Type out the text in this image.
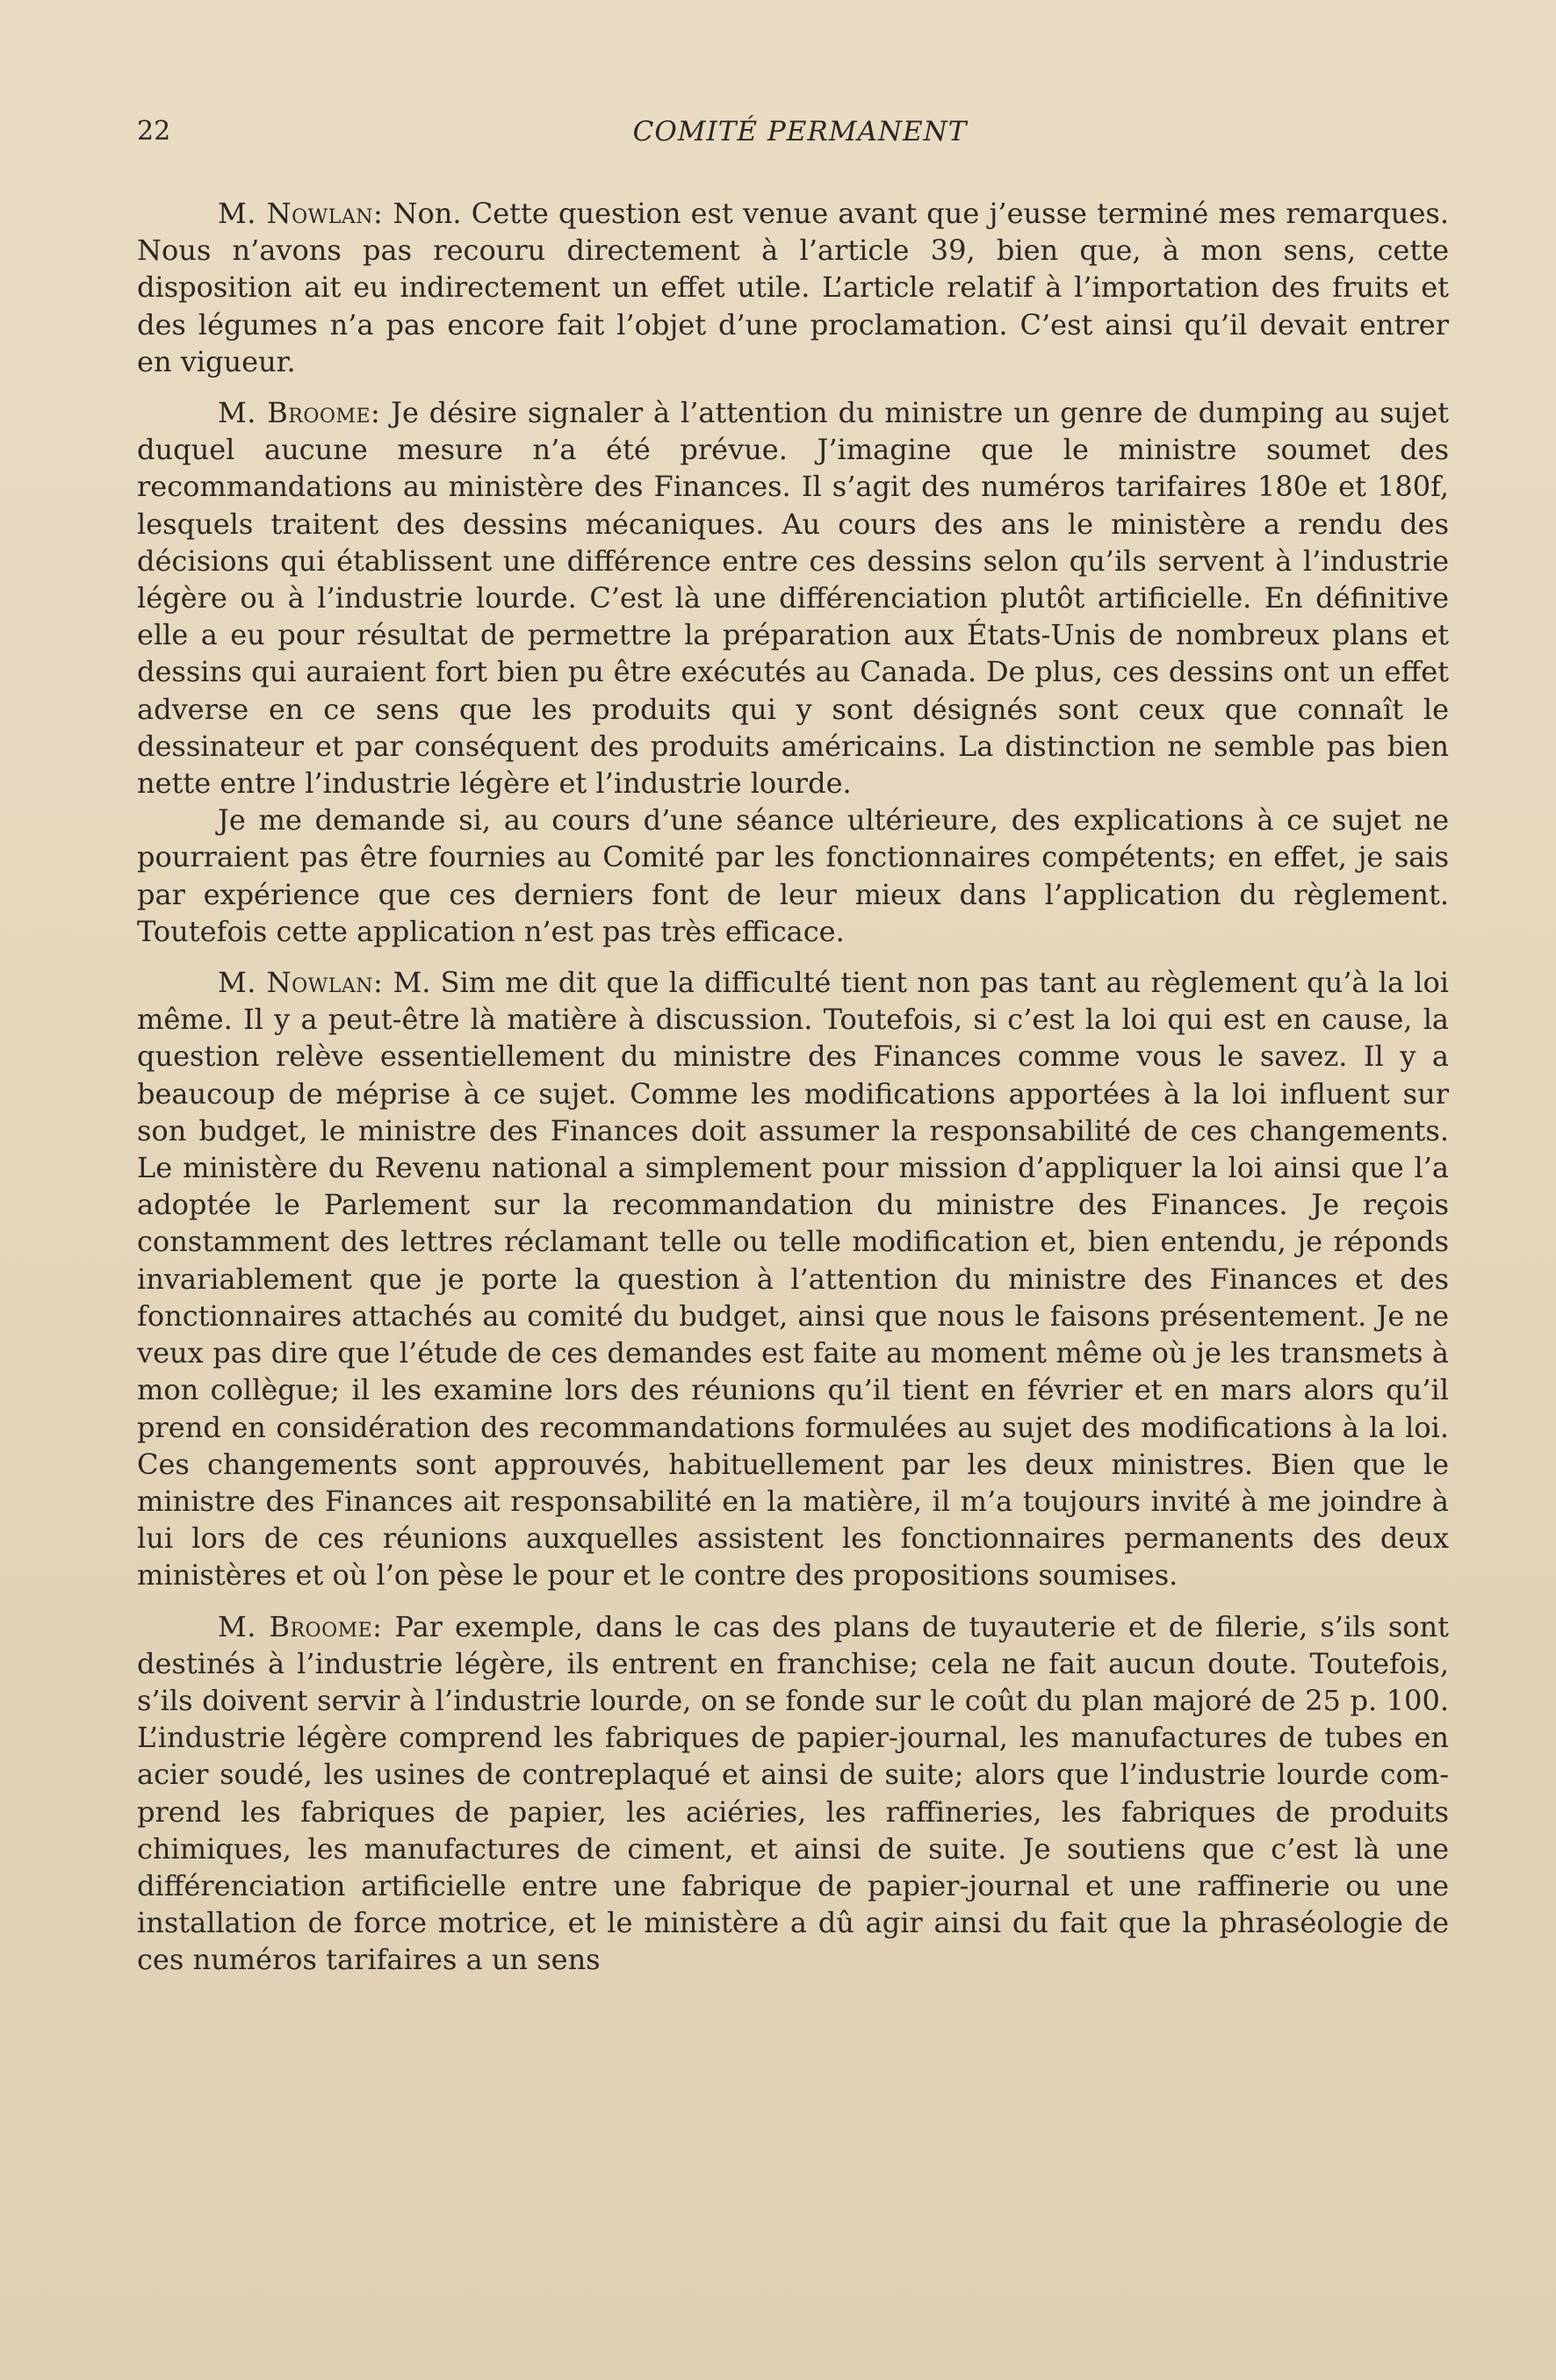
22	COMITÉ PERMANENT

M. Nowlan: Non. Cette question est venue avant que j’eusse terminé mes remarques. Nous n’avons pas recouru directement à l’article 39, bien que, à mon sens, cette disposition ait eu indirectement un effet utile. L’article relatif à l’importation des fruits et des légumes n’a pas encore fait l’objet d’une proclamation. C’est ainsi qu’il devait entrer en vigueur.

M. Broome: Je désire signaler à l’attention du ministre un genre de dumping au sujet duquel aucune mesure n’a été prévue. J’imagine que le ministre soumet des recommandations au ministère des Finances. Il s’agit des numéros tarifaires 180e et 180f, lesquels traitent des dessins mécaniques. Au cours des ans le ministère a rendu des décisions qui établissent une différence entre ces dessins selon qu’ils servent à l’industrie légère ou à l’industrie lourde. C’est là une différenciation plutôt artificielle. En définitive elle a eu pour résultat de permettre la préparation aux États-Unis de nombreux plans et dessins qui auraient fort bien pu être exécutés au Canada. De plus, ces dessins ont un effet adverse en ce sens que les produits qui y sont désignés sont ceux que connaît le dessinateur et par conséquent des produits américains. La distinction ne semble pas bien nette entre l’industrie légère et l’industrie lourde.

Je me demande si, au cours d’une séance ultérieure, des explications à ce sujet ne pourraient pas être fournies au Comité par les fonctionnaires compétents; en effet, je sais par expérience que ces derniers font de leur mieux dans l’application du règlement. Toutefois cette application n’est pas très efficace.

M. Nowlan: M. Sim me dit que la difficulté tient non pas tant au règlement qu’à la loi même. Il y a peut-être là matière à discussion. Toutefois, si c’est la loi qui est en cause, la question relève essentiellement du ministre des Finances comme vous le savez. Il y a beaucoup de méprise à ce sujet. Comme les modifications apportées à la loi influent sur son budget, le ministre des Finances doit assumer la responsabilité de ces changements. Le ministère du Revenu national a simplement pour mission d’appliquer la loi ainsi que l’a adoptée le Parlement sur la recommandation du ministre des Finances. Je reçois constamment des lettres réclamant telle ou telle modification et, bien entendu, je réponds invariablement que je porte la question à l’attention du ministre des Finances et des fonctionnaires attachés au comité du budget, ainsi que nous le faisons présentement. Je ne veux pas dire que l’étude de ces demandes est faite au moment même où je les transmets à mon collègue; il les examine lors des réunions qu’il tient en février et en mars alors qu’il prend en considération des recommandations formulées au sujet des modifications à la loi. Ces changements sont approuvés, habituellement par les deux ministres. Bien que le ministre des Finances ait responsabilité en la matière, il m’a toujours invité à me joindre à lui lors de ces réunions auxquelles assistent les fonctionnaires permanents des deux ministères et où l’on pèse le pour et le contre des propositions soumises.

M. Broome: Par exemple, dans le cas des plans de tuyauterie et de filerie, s’ils sont destinés à l’industrie légère, ils entrent en franchise; cela ne fait aucun doute. Toutefois, s’ils doivent servir à l’industrie lourde, on se fonde sur le coût du plan majoré de 25 p. 100. L’industrie légère comprend les fabriques de papier-journal, les manufactures de tubes en acier soudé, les usines de contreplaqué et ainsi de suite; alors que l’industrie lourde comprend les fabriques de papier, les aciéries, les raffineries, les fabriques de produits chimiques, les manufactures de ciment, et ainsi de suite. Je soutiens que c’est là une différenciation artificielle entre une fabrique de papier-journal et une raffinerie ou une installation de force motrice, et le ministère a dû agir ainsi du fait que la phraséologie de ces numéros tarifaires a un sens
